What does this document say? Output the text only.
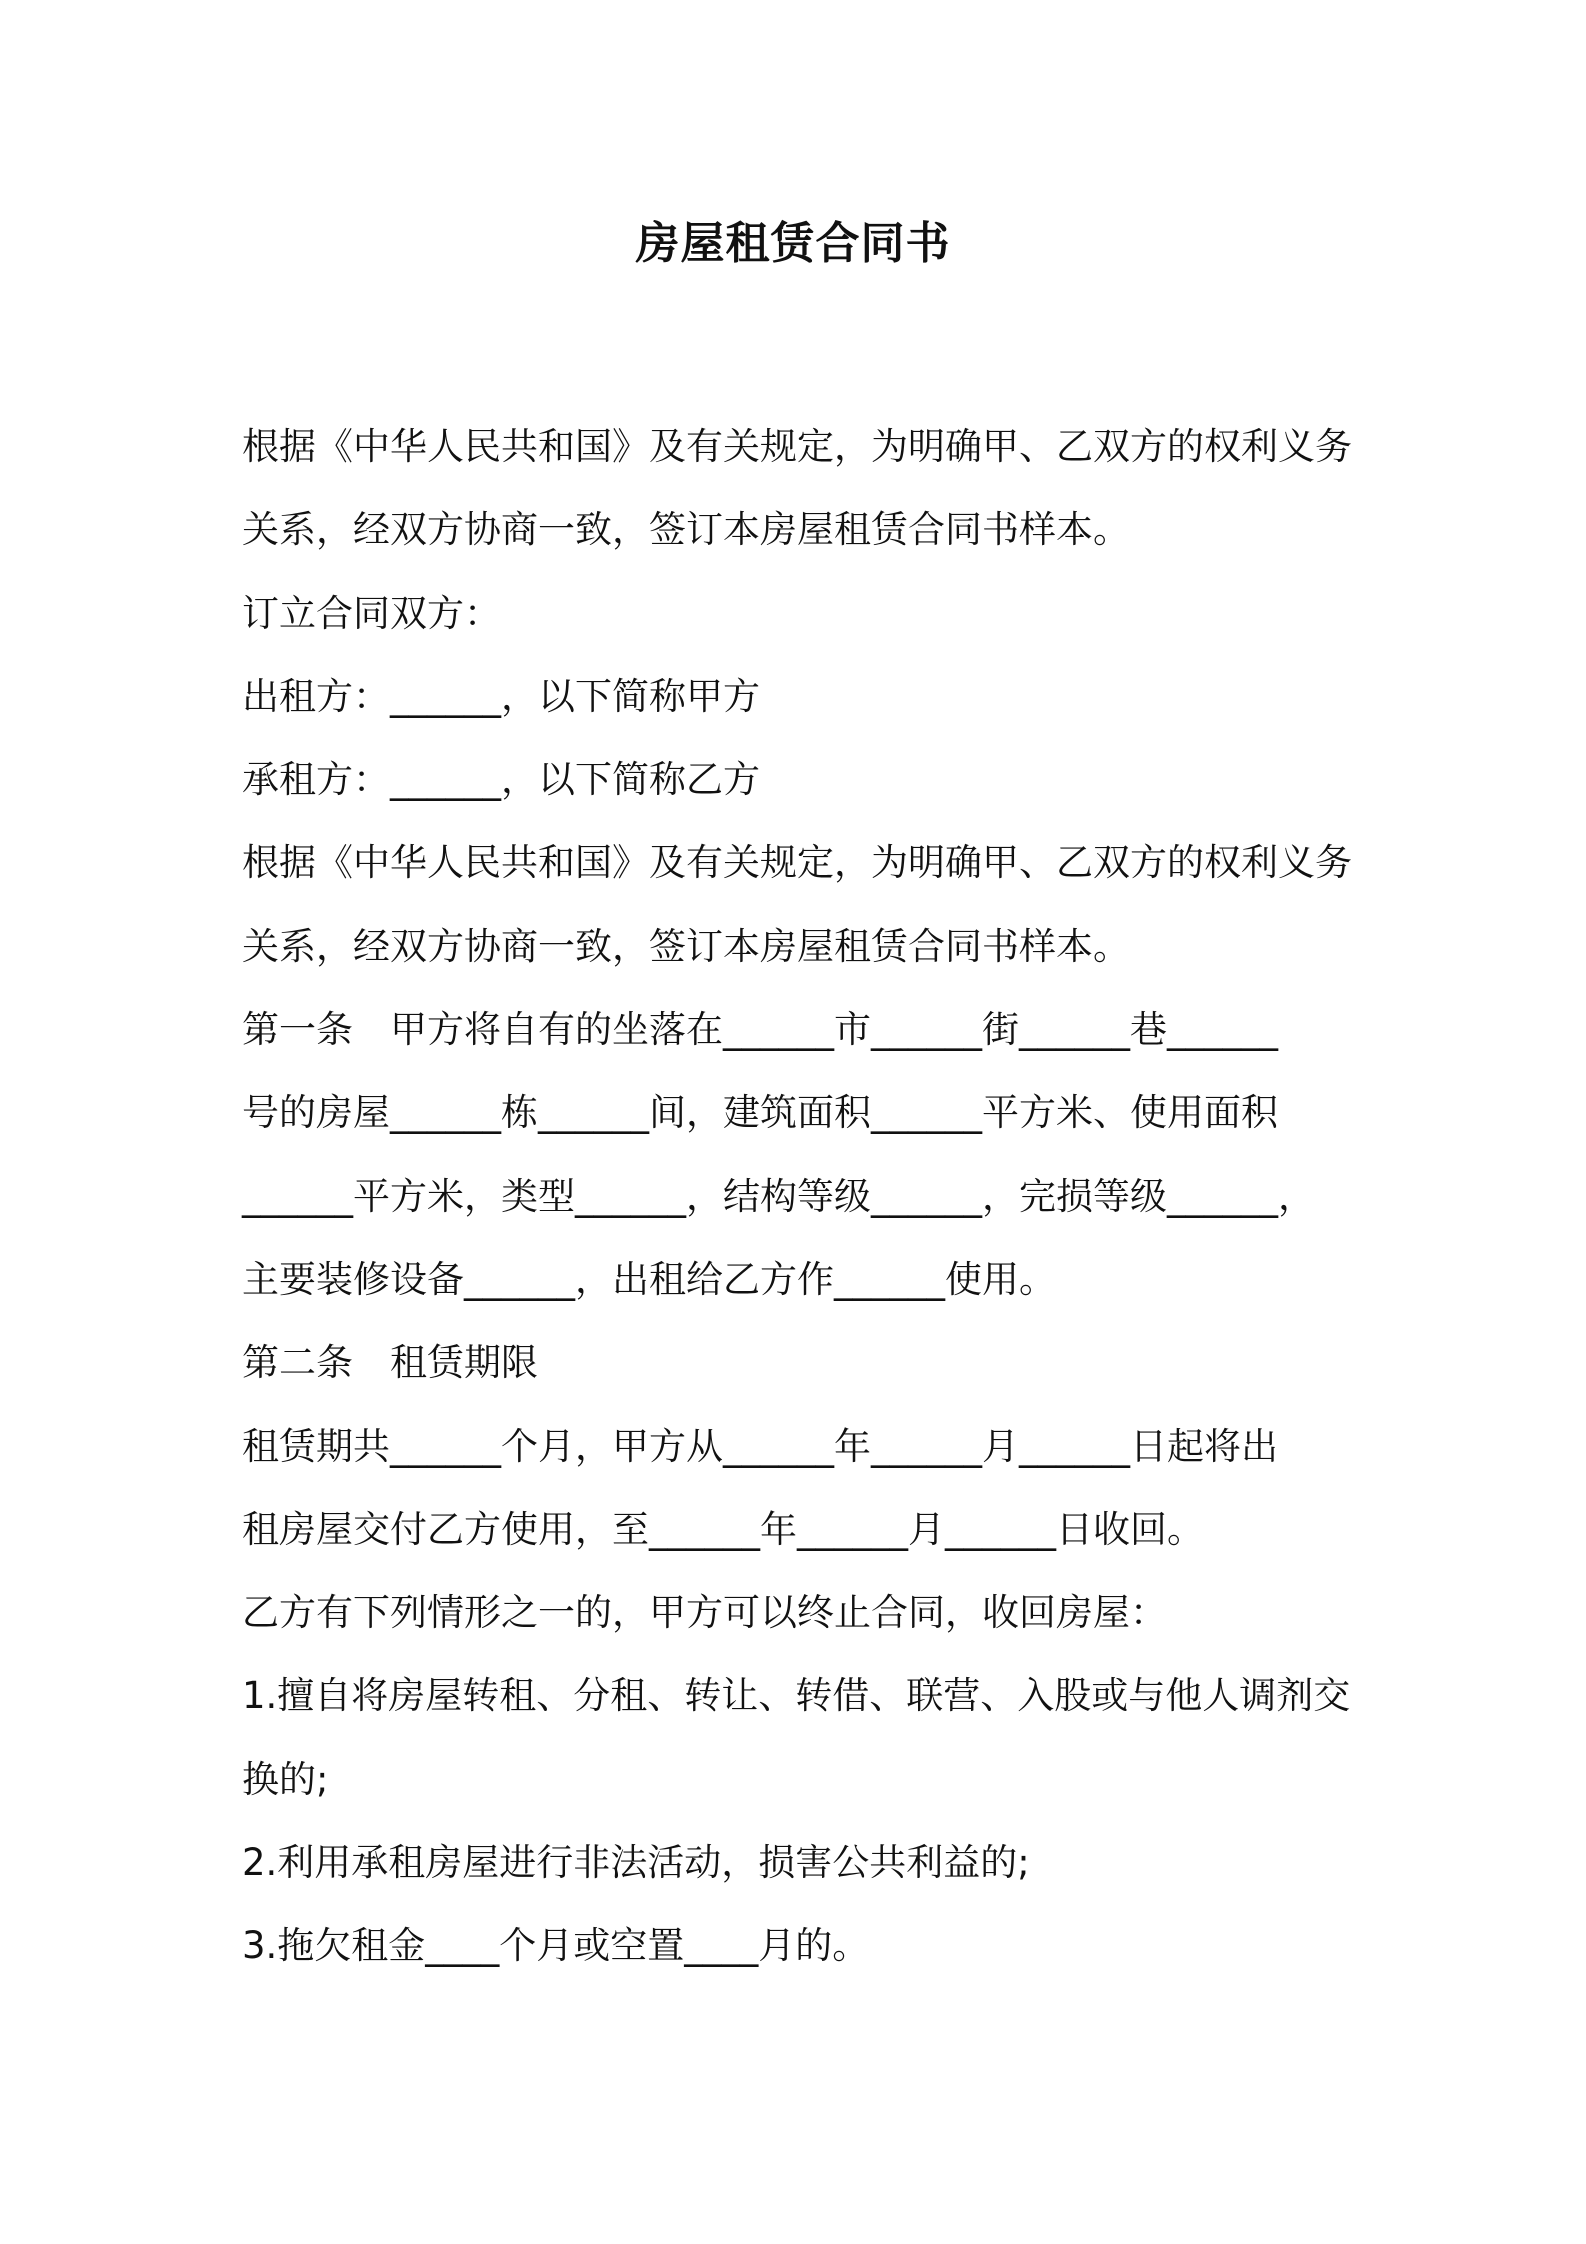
房屋租赁合同书
根据《中华人民共和国》及有关规定，为明确甲、乙双方的权利义务
关系，经双方协商一致，签订本房屋租赁合同书样本。
订立合同双方：
出租方：______，以下简称甲方
承租方：______，以下简称乙方
根据《中华人民共和国》及有关规定，为明确甲、乙双方的权利义务
关系，经双方协商一致，签订本房屋租赁合同书样本。
第一条　甲方将自有的坐落在______市______街______巷______
号的房屋______栋______间，建筑面积______平方米、使用面积
______平方米，类型______，结构等级______，完损等级______，
主要装修设备______，出租给乙方作______使用。
第二条　租赁期限
租赁期共______个月，甲方从______年______月______日起将出
租房屋交付乙方使用，至______年______月______日收回。
乙方有下列情形之一的，甲方可以终止合同，收回房屋：
1.擅自将房屋转租、分租、转让、转借、联营、入股或与他人调剂交
换的;
2.利用承租房屋进行非法活动，损害公共利益的;
3.拖欠租金____个月或空置____月的。
